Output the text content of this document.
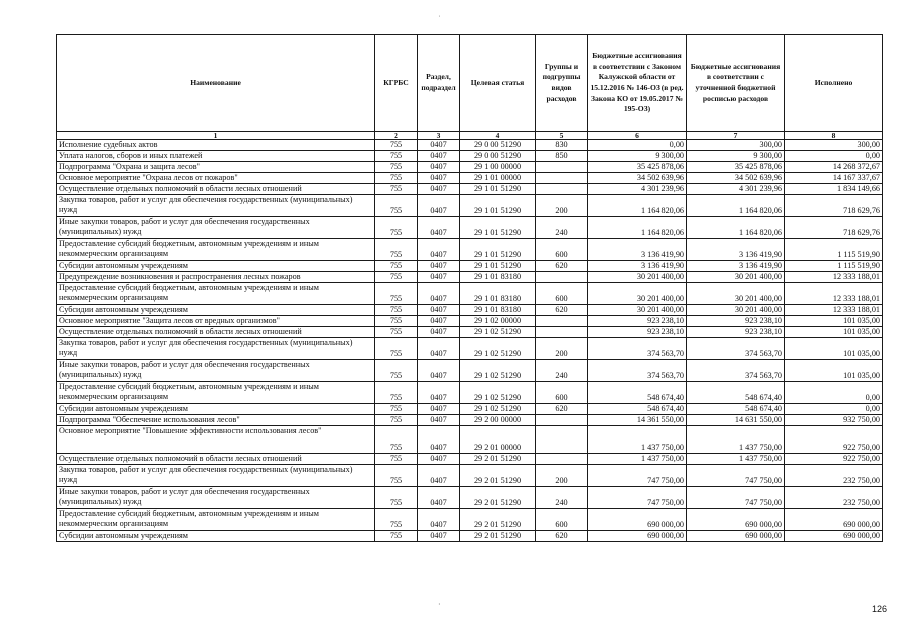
˙
·
Наименование	КГРБС	Раздел, подраздел	Целевая статья	Группы и подгруппы видов расходов	Бюджетные ассигнования в соответствии с Законом Калужской области от 15.12.2016 № 146-ОЗ (в ред. Закона КО от 19.05.2017 № 195-ОЗ)	Бюджетные ассигнования в соответствии с уточненной бюджетной росписью расходов	Исполнено
1	2	3	4	5	6	7	8
Исполнение судебных актов	755	0407	29 0 00 51290	830	0,00	300,00	300,00
Уплата налогов, сборов и иных платежей	755	0407	29 0 00 51290	850	9 300,00	9 300,00	0,00
Подпрограмма "Охрана и защита лесов"	755	0407	29 1 00 00000		35 425 878,06	35 425 878,06	14 268 372,67
Основное мероприятие "Охрана лесов от пожаров"	755	0407	29 1 01 00000		34 502 639,96	34 502 639,96	14 167 337,67
Осуществление отдельных полномочий в области лесных отношений	755	0407	29 1 01 51290		4 301 239,96	4 301 239,96	1 834 149,66
Закупка товаров, работ и услуг для обеспечения государственных (муниципальных) нужд	755	0407	29 1 01 51290	200	1 164 820,06	1 164 820,06	718 629,76
Иные закупки товаров, работ и услуг для обеспечения государственных (муниципальных) нужд	755	0407	29 1 01 51290	240	1 164 820,06	1 164 820,06	718 629,76
Предоставление субсидий бюджетным, автономным учреждениям и иным некоммерческим организациям	755	0407	29 1 01 51290	600	3 136 419,90	3 136 419,90	1 115 519,90
Субсидии автономным учреждениям	755	0407	29 1 01 51290	620	3 136 419,90	3 136 419,90	1 115 519,90
Предупреждение возникновения и распространения лесных пожаров	755	0407	29 1 01 83180		30 201 400,00	30 201 400,00	12 333 188,01
Предоставление субсидий бюджетным, автономным учреждениям и иным некоммерческим организациям	755	0407	29 1 01 83180	600	30 201 400,00	30 201 400,00	12 333 188,01
Субсидии автономным учреждениям	755	0407	29 1 01 83180	620	30 201 400,00	30 201 400,00	12 333 188,01
Основное мероприятие "Защита лесов от вредных организмов"	755	0407	29 1 02 00000		923 238,10	923 238,10	101 035,00
Осуществление отдельных полномочий в области лесных отношений	755	0407	29 1 02 51290		923 238,10	923 238,10	101 035,00
Закупка товаров, работ и услуг для обеспечения государственных (муниципальных) нужд	755	0407	29 1 02 51290	200	374 563,70	374 563,70	101 035,00
Иные закупки товаров, работ и услуг для обеспечения государственных (муниципальных) нужд	755	0407	29 1 02 51290	240	374 563,70	374 563,70	101 035,00
Предоставление субсидий бюджетным, автономным учреждениям и иным некоммерческим организациям	755	0407	29 1 02 51290	600	548 674,40	548 674,40	0,00
Субсидии автономным учреждениям	755	0407	29 1 02 51290	620	548 674,40	548 674,40	0,00
Подпрограмма "Обеспечение использования лесов"	755	0407	29 2 00 00000		14 361 550,00	14 631 550,00	932 750,00
Основное мероприятие "Повышение эффективности использования лесов"	755	0407	29 2 01 00000		1 437 750,00	1 437 750,00	922 750,00
Осуществление отдельных полномочий в области лесных отношений	755	0407	29 2 01 51290		1 437 750,00	1 437 750,00	922 750,00
Закупка товаров, работ и услуг для обеспечения государственных (муниципальных) нужд	755	0407	29 2 01 51290	200	747 750,00	747 750,00	232 750,00
Иные закупки товаров, работ и услуг для обеспечения государственных (муниципальных) нужд	755	0407	29 2 01 51290	240	747 750,00	747 750,00	232 750,00
Предоставление субсидий бюджетным, автономным учреждениям и иным некоммерческим организациям	755	0407	29 2 01 51290	600	690 000,00	690 000,00	690 000,00
Субсидии автономным учреждениям	755	0407	29 2 01 51290	620	690 000,00	690 000,00	690 000,00
126
